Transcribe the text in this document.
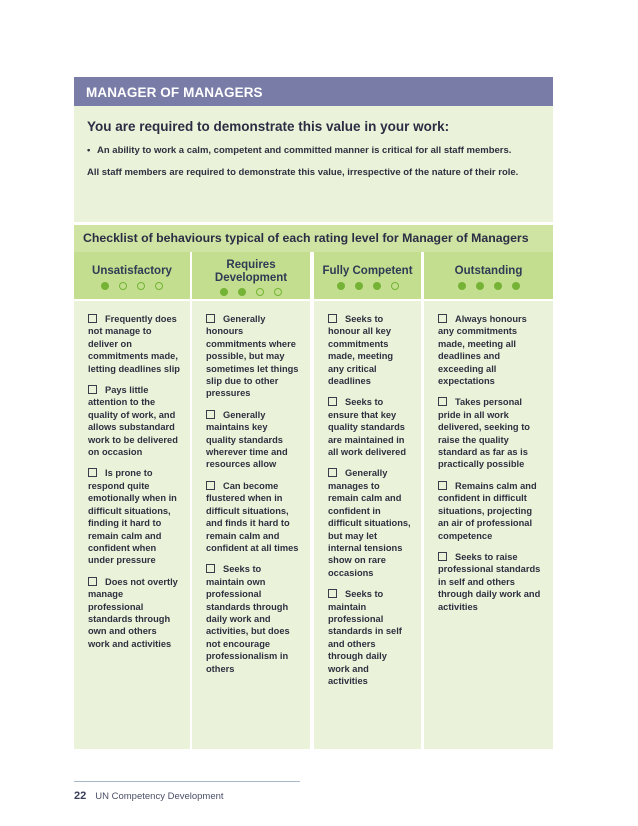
MANAGER OF MANAGERS
You are required to demonstrate this value in your work:
• An ability to work a calm, competent and committed manner is critical for all staff members.
All staff members are required to demonstrate this value, irrespective of the nature of their role.
Checklist of behaviours typical of each rating level for Manager of Managers
Unsatisfactory	Requires Development
Fully Competent	Outstanding
Frequently does not manage to deliver on commitments made, letting deadlines slip
Pays little attention to the quality of work, and allows substandard work to be delivered on occasion
Is prone to respond quite emotionally when in difficult situations, finding it hard to remain calm and confident when under pressure
Does not overtly manage professional standards through own and others work and activities
Generally honours commitments where possible, but may sometimes let things slip due to other pressures
Generally maintains key quality standards wherever time and resources allow
Can become flustered when in difficult situations, and finds it hard to remain calm and confident at all times
Seeks to maintain own professional standards through daily work and activities, but does not encourage professionalism in others
Seeks to honour all key commitments made, meeting any critical deadlines
Seeks to ensure that key quality standards are maintained in all work delivered
Generally manages to remain calm and confident in difficult situations, but may let internal tensions show on rare occasions
Seeks to maintain professional standards in self and others through daily work and activities
Always honours any commitments made, meeting all deadlines and exceeding all expectations
Takes personal pride in all work delivered, seeking to raise the quality standard as far as is practically possible
Remains calm and confident in difficult situations, projecting an air of professional competence
Seeks to raise professional standards in self and others through daily work and activities
22 UN Competency Development
